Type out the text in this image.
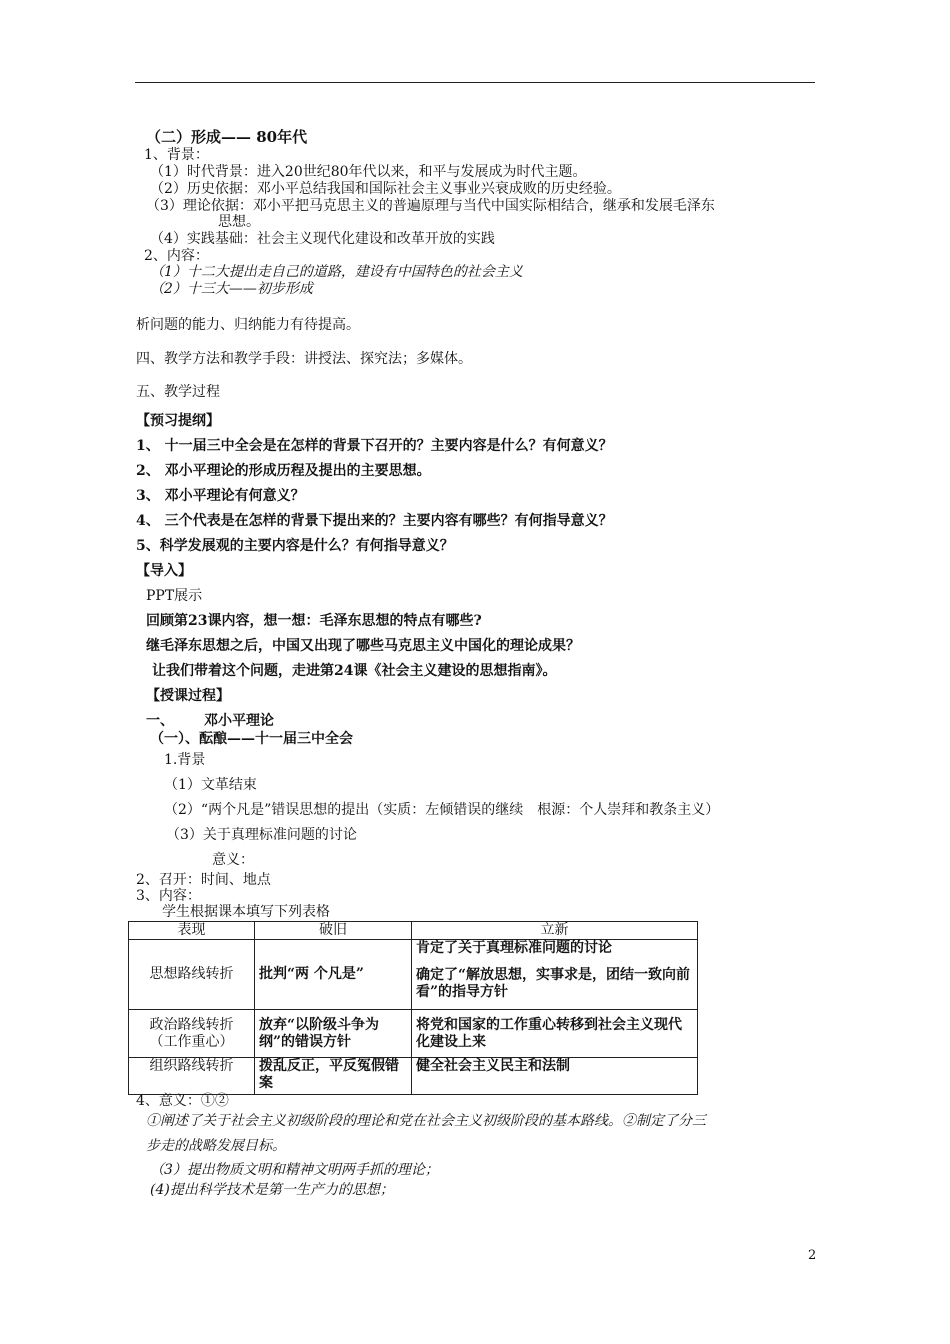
（二）形成—— 80年代
1、背景：
（1）时代背景：进入20世纪80年代以来，和平与发展成为时代主题。
（2）历史依据：邓小平总结我国和国际社会主义事业兴衰成败的历史经验。
（3）理论依据：邓小平把马克思主义的普遍原理与当代中国实际相结合，继承和发展毛泽东
思想。
（4）实践基础：社会主义现代化建设和改革开放的实践
2、内容：
（1）十二大提出走自己的道路，建设有中国特色的社会主义
（2）十三大——初步形成
析问题的能力、归纳能力有待提高。
四、教学方法和教学手段：讲授法、探究法；多媒体。
五、教学过程
【预习提纲】
1、 十一届三中全会是在怎样的背景下召开的？主要内容是什么？有何意义？
2、 邓小平理论的形成历程及提出的主要思想。
3、 邓小平理论有何意义？
4、 三个代表是在怎样的背景下提出来的？主要内容有哪些？有何指导意义？
5、科学发展观的主要内容是什么？有何指导意义？
【导入】
PPT展示
回顾第23课内容，想一想：毛泽东思想的特点有哪些?
继毛泽东思想之后，中国又出现了哪些马克思主义中国化的理论成果？
让我们带着这个问题，走进第24课《社会主义建设的思想指南》。
【授课过程】
一、 邓小平理论
（一）、酝酿——十一届三中全会
1.背景
（1）文革结束
（2）“两个凡是”错误思想的提出（实质：左倾错误的继续　根源：个人崇拜和教条主义）
（3）关于真理标准问题的讨论
意义：
2、召开：时间、地点
3、内容：
学生根据课本填写下列表格
表现	破旧	立新
思想路线转折	批判“两 个凡是”	肯定了关于真理标准问题的讨论
确定了“解放思想，实事求是，团结一致向前看”的指导方针

政治路线转折
（工作重心）	放弃“以阶级斗争为纲”的错误方针	将党和国家的工作重心转移到社会主义现代化建设上来
组织路线转折	拨乱反正，平反冤假错案	健全社会主义民主和法制
4、意义：①②
①阐述了关于社会主义初级阶段的理论和党在社会主义初级阶段的基本路线。②制定了分三
步走的战略发展目标。
（3）提出物质文明和精神文明两手抓的理论；
(4)提出科学技术是第一生产力的思想；
2
